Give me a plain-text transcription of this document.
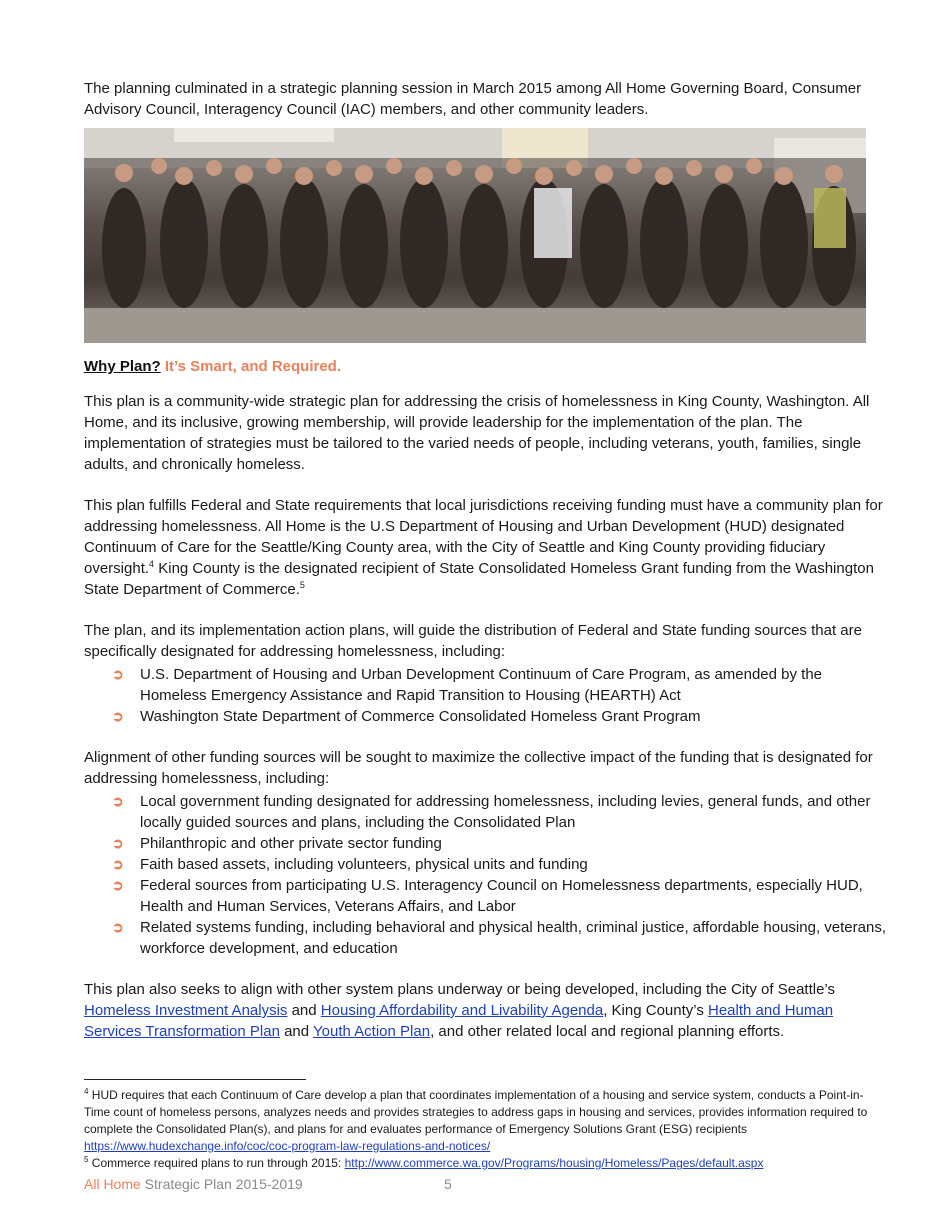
The planning culminated in a strategic planning session in March 2015 among All Home Governing Board, Consumer Advisory Council, Interagency Council (IAC) members, and other community leaders.

Why Plan? It’s Smart, and Required.

This plan is a community-wide strategic plan for addressing the crisis of homelessness in King County, Washington. All Home, and its inclusive, growing membership, will provide leadership for the implementation of the plan. The implementation of strategies must be tailored to the varied needs of people, including veterans, youth, families, single adults, and chronically homeless.

This plan fulfills Federal and State requirements that local jurisdictions receiving funding must have a community plan for addressing homelessness. All Home is the U.S Department of Housing and Urban Development (HUD) designated Continuum of Care for the Seattle/King County area, with the City of Seattle and King County providing fiduciary oversight.$^4$ King County is the designated recipient of State Consolidated Homeless Grant funding from the Washington State Department of Commerce.$^5$

The plan, and its implementation action plans, will guide the distribution of Federal and State funding sources that are specifically designated for addressing homelessness, including:

➲ U.S. Department of Housing and Urban Development Continuum of Care Program, as amended by the Homeless Emergency Assistance and Rapid Transition to Housing (HEARTH) Act
➲ Washington State Department of Commerce Consolidated Homeless Grant Program

Alignment of other funding sources will be sought to maximize the collective impact of the funding that is designated for addressing homelessness, including:

➲ Local government funding designated for addressing homelessness, including levies, general funds, and other locally guided sources and plans, including the Consolidated Plan
➲ Philanthropic and other private sector funding
➲ Faith based assets, including volunteers, physical units and funding
➲ Federal sources from participating U.S. Interagency Council on Homelessness departments, especially HUD, Health and Human Services, Veterans Affairs, and Labor
➲ Related systems funding, including behavioral and physical health, criminal justice, affordable housing, veterans, workforce development, and education

This plan also seeks to align with other system plans underway or being developed, including the City of Seattle’s Homeless Investment Analysis and Housing Affordability and Livability Agenda, King County’s Health and Human Services Transformation Plan and Youth Action Plan, and other related local and regional planning efforts.

$^4$ HUD requires that each Continuum of Care develop a plan that coordinates implementation of a housing and service system, conducts a Point-in-Time count of homeless persons, analyzes needs and provides strategies to address gaps in housing and services, provides information required to complete the Consolidated Plan(s), and plans for and evaluates performance of Emergency Solutions Grant (ESG) recipients https://www.hudexchange.info/coc/coc-program-law-regulations-and-notices/

$^5$ Commerce required plans to run through 2015: http://www.commerce.wa.gov/Programs/housing/Homeless/Pages/default.aspx

All Home Strategic Plan 2015-2019	5
